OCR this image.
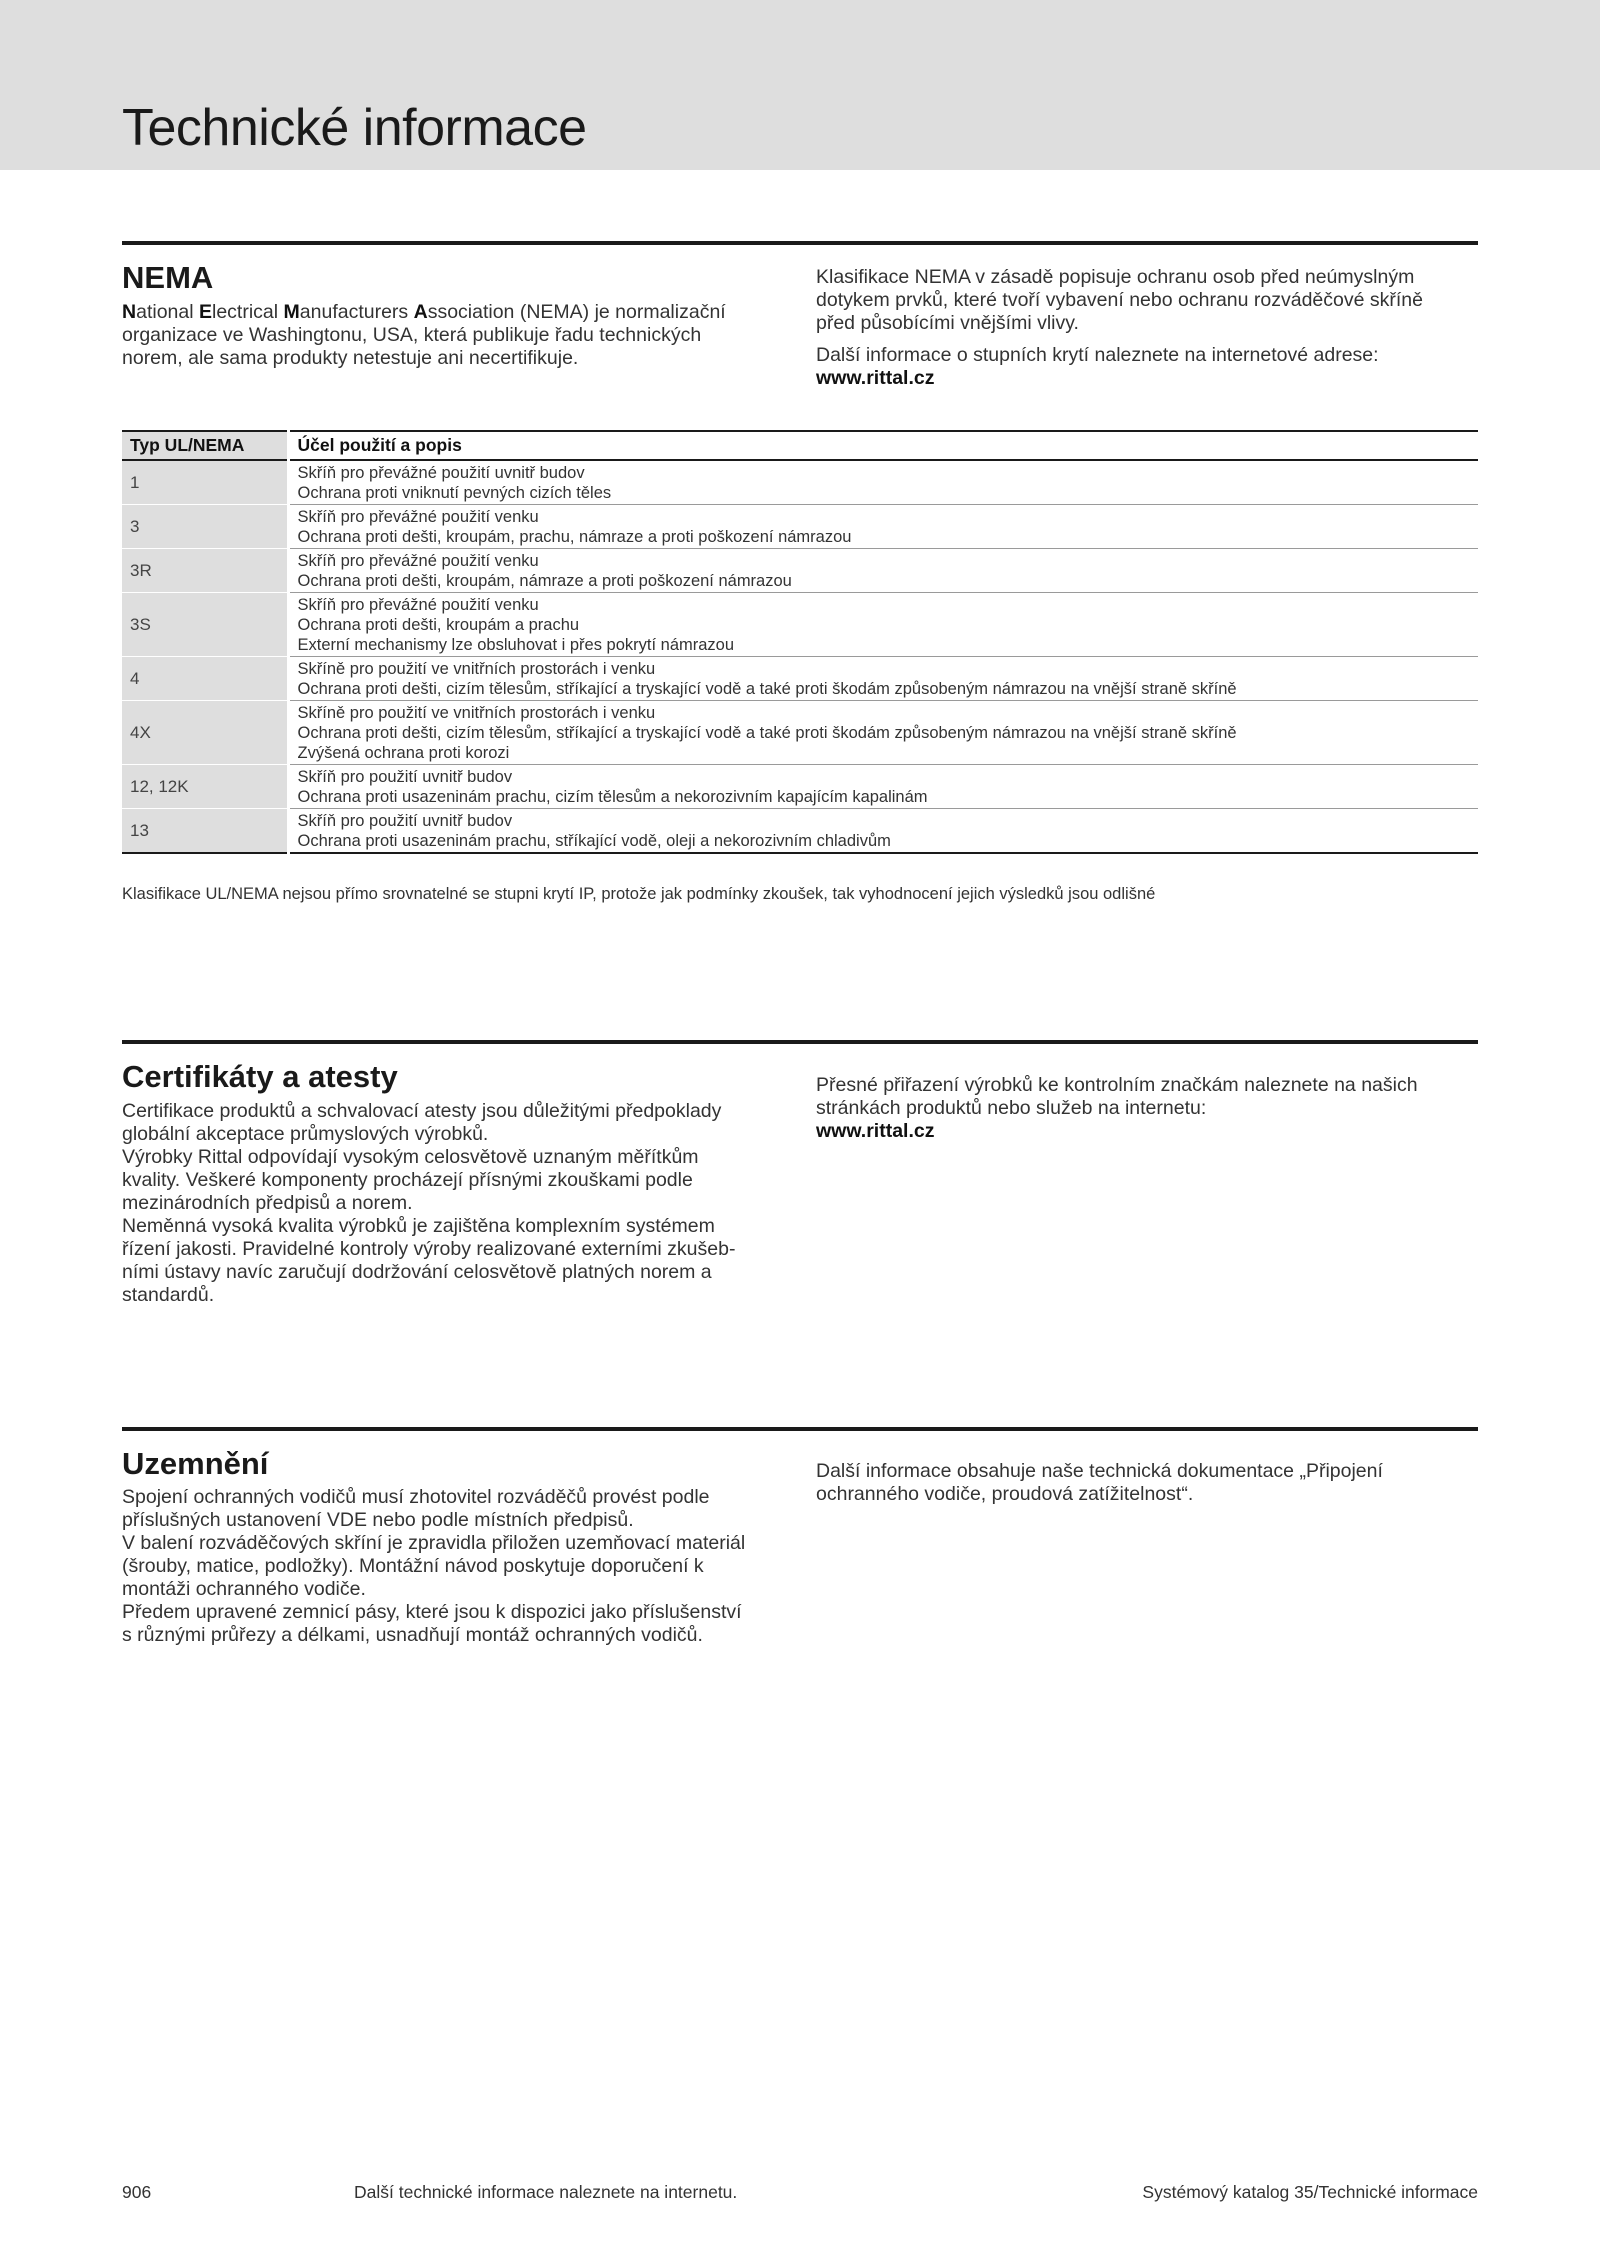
Technické informace
NEMA

National Electrical Manufacturers Association (NEMA) je normalizační

organizace ve Washingtonu, USA, která publikuje řadu technických

norem, ale sama produkty netestuje ani necertifikuje.

Klasifikace NEMA v zásadě popisuje ochranu osob před neúmyslným

dotykem prvků, které tvoří vybavení nebo ochranu rozváděčové skříně

před působícími vnějšími vlivy.

Další informace o stupních krytí naleznete na internetové adrese:

www.rittal.cz

Typ UL/NEMA	Účel použití a popis
1	Skříň pro převážné použití uvnitř budov
Ochrana proti vniknutí pevných cizích těles

3	Skříň pro převážné použití venku
Ochrana proti dešti, kroupám, prachu, námraze a proti poškození námrazou

3R	Skříň pro převážné použití venku
Ochrana proti dešti, kroupám, námraze a proti poškození námrazou

3S	Skříň pro převážné použití venku
Ochrana proti dešti, kroupám a prachu
Externí mechanismy lze obsluhovat i přes pokrytí námrazou

4	Skříně pro použití ve vnitřních prostorách i venku
Ochrana proti dešti, cizím tělesům, stříkající a tryskající vodě a také proti škodám způsobeným námrazou na vnější straně skříně

4X	Skříně pro použití ve vnitřních prostorách i venku
Ochrana proti dešti, cizím tělesům, stříkající a tryskající vodě a také proti škodám způsobeným námrazou na vnější straně skříně
Zvýšená ochrana proti korozi

12, 12K	Skříň pro použití uvnitř budov
Ochrana proti usazeninám prachu, cizím tělesům a nekorozivním kapajícím kapalinám

13	Skříň pro použití uvnitř budov
Ochrana proti usazeninám prachu, stříkající vodě, oleji a nekorozivním chladivům
Klasifikace UL/NEMA nejsou přímo srovnatelné se stupni krytí IP, protože jak podmínky zkoušek, tak vyhodnocení jejich výsledků jsou odlišné
Certifikáty a atesty

Certifikace produktů a schvalovací atesty jsou důležitými předpoklady

globální akceptace průmyslových výrobků.

Výrobky Rittal odpovídají vysokým celosvětově uznaným měřítkům

kvality. Veškeré komponenty procházejí přísnými zkouškami podle

mezinárodních předpisů a norem.

Neměnná vysoká kvalita výrobků je zajištěna komplexním systémem

řízení jakosti. Pravidelné kontroly výroby realizované externími zkušeb-

ními ústavy navíc zaručují dodržování celosvětově platných norem a

standardů.

Přesné přiřazení výrobků ke kontrolním značkám naleznete na našich

stránkách produktů nebo služeb na internetu:

www.rittal.cz

Uzemnění

Spojení ochranných vodičů musí zhotovitel rozváděčů provést podle

příslušných ustanovení VDE nebo podle místních předpisů.

V balení rozváděčových skříní je zpravidla přiložen uzemňovací materiál

(šrouby, matice, podložky). Montážní návod poskytuje doporučení k

montáži ochranného vodiče.

Předem upravené zemnicí pásy, které jsou k dispozici jako příslušenství

s různými průřezy a délkami, usnadňují montáž ochranných vodičů.

Další informace obsahuje naše technická dokumentace „Připojení

ochranného vodiče, proudová zatížitelnost“.

906	Další technické informace naleznete na internetu.	Systémový katalog 35/Technické informace
